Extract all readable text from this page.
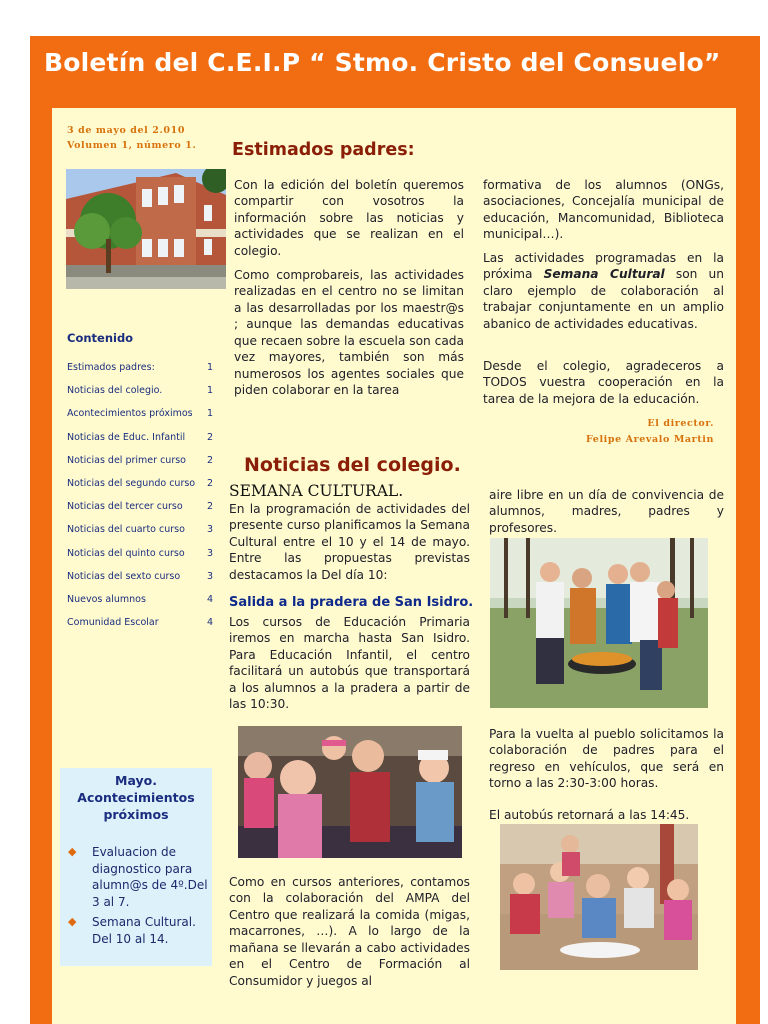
Boletín del C.E.I.P “ Stmo. Cristo del Consuelo”
3 de mayo del 2.010
Volumen 1, número 1.
Contenido
Estimados padres:	1
Noticias del colegio.	1
Acontecimientos próximos 1
Noticias de Educ. Infantil 2
Noticias del primer curso 2
Noticias del segundo curso 2
Noticias del tercer curso	2
Noticias del cuarto curso 3
Noticias del quinto curso 3
Noticias del sexto curso	3
Nuevos alumnos	4
Comunidad Escolar	4
Mayo. Acontecimientos próximos
◆ Evaluacion de diagnostico para alumn@s de 4º.Del 3 al 7.
◆ Semana Cultural. Del 10 al 14.
Estimados padres:
Con la edición del boletín queremos compartir con vosotros la información sobre las noticias y actividades que se realizan en el colegio.
Como comprobareis, las actividades realizadas en el centro no se limitan a las desarrolladas por los maestr@s ; aunque las demandas educativas que recaen sobre la escuela son cada vez mayores, también son más numerosos los agentes sociales que piden colaborar en la tarea
formativa de los alumnos (ONGs, asociaciones, Concejalía municipal de educación, Mancomunidad, Biblioteca municipal…).
Las actividades programadas en la próxima Semana Cultural son un claro ejemplo de colaboración al trabajar conjuntamente en un amplio abanico de actividades educativas.
Desde el colegio, agradeceros a TODOS vuestra cooperación en la tarea de la mejora de la educación.
El director.
Felipe Arevalo Martin
Noticias del colegio.
SEMANA CULTURAL.
En la programación de actividades del presente curso planificamos la Semana Cultural entre el 10 y el 14 de mayo. Entre las propuestas previstas destacamos la Del día 10:
Salida a la pradera de San Isidro.
Los cursos de Educación Primaria iremos en marcha hasta San Isidro. Para Educación Infantil, el centro facilitará un autobús que transportará a los alumnos a la pradera a partir de las 10:30.
Como en cursos anteriores, contamos con la colaboración del AMPA del Centro que realizará la comida (migas, macarrones, …). A lo largo de la mañana se llevarán a cabo actividades en el Centro de Formación al Consumidor y juegos al
aire libre en un día de convivencia de alumnos, madres, padres y profesores.
Para la vuelta al pueblo solicitamos la colaboración de padres para el regreso en vehículos, que será en torno a las 2:30-3:00 horas.
El autobús retornará a las 14:45.
